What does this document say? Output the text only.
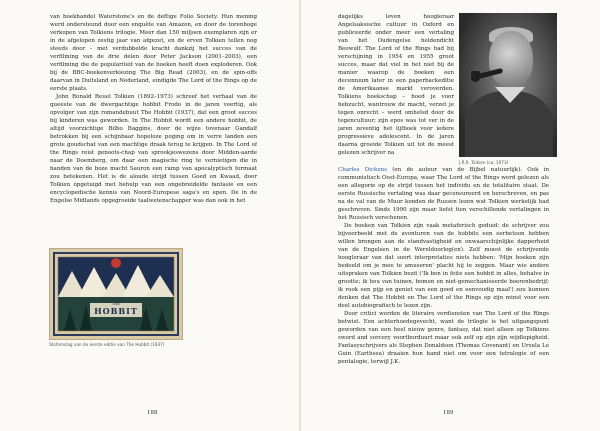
van boekhandel Waterstone's en de deftige Folio Society. Hun mening werd ondersteund door een enquête van Amazon, en door de torenhoge verkopen van Tolkiens trilogie. Meer dan 150 miljoen exemplaren zijn er in de afgelopen zestig jaar van afgezet, en de erven Tolkien tellen nog steeds door – met verdubbelde kracht dankzij het succes van de verfilming van de drie delen door Peter Jackson (2001–2003), een verfilming die de populariteit van de boeken heeft doen exploderen. Ook bij de BBC-boekenverkiezing The Big Read (2003), en de spin-offs daarvan in Duitsland en Nederland, eindigde The Lord of the Rings op de eerste plaats.

John Ronald Reuel Tolkien (1892–1973) schreef het verhaal van de queeste van de dwergachtige hobbit Frodo in de jaren veertig, als opvolger van zijn romandebuut The Hobbit (1937), dat een groot succes bij kinderen was geworden. In The Hobbit wordt een andere hobbit, de altijd voorzichtige Bilbo Baggins, door de wijze tovenaar Gandalf betrokken bij een schijnbaar hopeloze poging om in verre landen een grote goudschat van een machtige draak terug te krijgen. In The Lord of the Rings reist genoots-chap van sprookjeswezens door Midden-aarde naar de Doemberg, om daar een magische ring te vernietigen die in handen van de boze macht Sauron een ramp van apocalyptisch formaat zou betekenen. Het is de aloude strijd tussen Goed en Kwaad, door Tolkien opgetuigd met behulp van een ongebreidelde fantasie en een encyclopedische kennis van Noord-Europese saga's en epen. De in de Engelse Midlands opgegroeide taalwetenschapper was dan ook in het

THE
HOBBIT
Stofomslag van de eerste editie van The Hobbit (1937)
188

dagelijks leven hoogleraar Angelsaksische cultuur in Oxford en publiceerde onder meer een vertaling van het Oudengelse heldendicht Beowulf. The Lord of the Rings had bij verschijning in 1954 en 1955 groot succes, maar dat viel in het niet bij de manier waarop de boeken een decennium later in een paperbackeditie de Amerikaanse markt veroverden. Tolkiens boekschap – hoed je voor hebzucht, wantrouw de macht, verzet je tegen onrecht – werd omhelsd door de tegencultuur; zijn epos was tot ver in de jaren zeventig het lijfboek voor iedere progressieve adolescent. In de jaren daarna groeide Tolkien uit tot de meest gelezen schrijver na

J.R.R. Tolkien (ca. 1973)

Charles Dickens (en de auteur van de Bijbel natuurlijk). Ook in communistisch Oost-Europa, waar The Lord of the Rings werd gelezen als een allegorie op de strijd tussen het individu en de totalitaire staat. De eerste Russische vertaling was daar gecensureerd en herschreven, en pas na de val van de Muur konden de Russen lezen wat Tolkien werkelijk had geschreven. Sinds 1990 zijn maar liefst tien verschillende vertalingen in het Russisch verschenen.

De boeken van Tolkien zijn vaak metaforisch geduid: de schrijver zou bijvoorbeeld met de avonturen van de hobbits een eerbetoon hebben willen brengen aan de standvastigheid en onwaarschijnlijke dapperheid van de Engelsen in de Wereldoorlog(en). Zelf moest de schrijvende hoogleraar van dat soort interpretaties niets hebben: 'Mijn boeken zijn bedoeld om je mee te amuseren' placht hij te zeggen. Maar wie andere uitspraken van Tolkien bezit ('Ik ben in feite een hobbit in alles, behalve in grootte; ik hou van tuinen, bomen en niet-gemechaniseerde boerenbedrijf; ik rook een pijp en geniet van een goed en eenvoudig maal') zou kunnen denken dat The Hobbit en The Lord of the Rings op zijn minst voor een deel autobiografisch te lezen zijn.

Door critici worden de literaire verdiensten van The Lord of the Rings betwist. Een achterhoedegevecht, want de trilogie is het uitgangspunt geworden van een heel nieuw genre, fantasy, dat niet alleen op Tolkiens sword and sorcery voortborduurt maar ook zelf op zijn zijn wijdlopigheid. Fantasyschrijvers als Stephen Donaldson (Thomas Covenant) en Ursula Le Guin (Earthsea) draaien hun hand niet om voor een tetralogie of een pentalogie, terwijl J.K.

189
